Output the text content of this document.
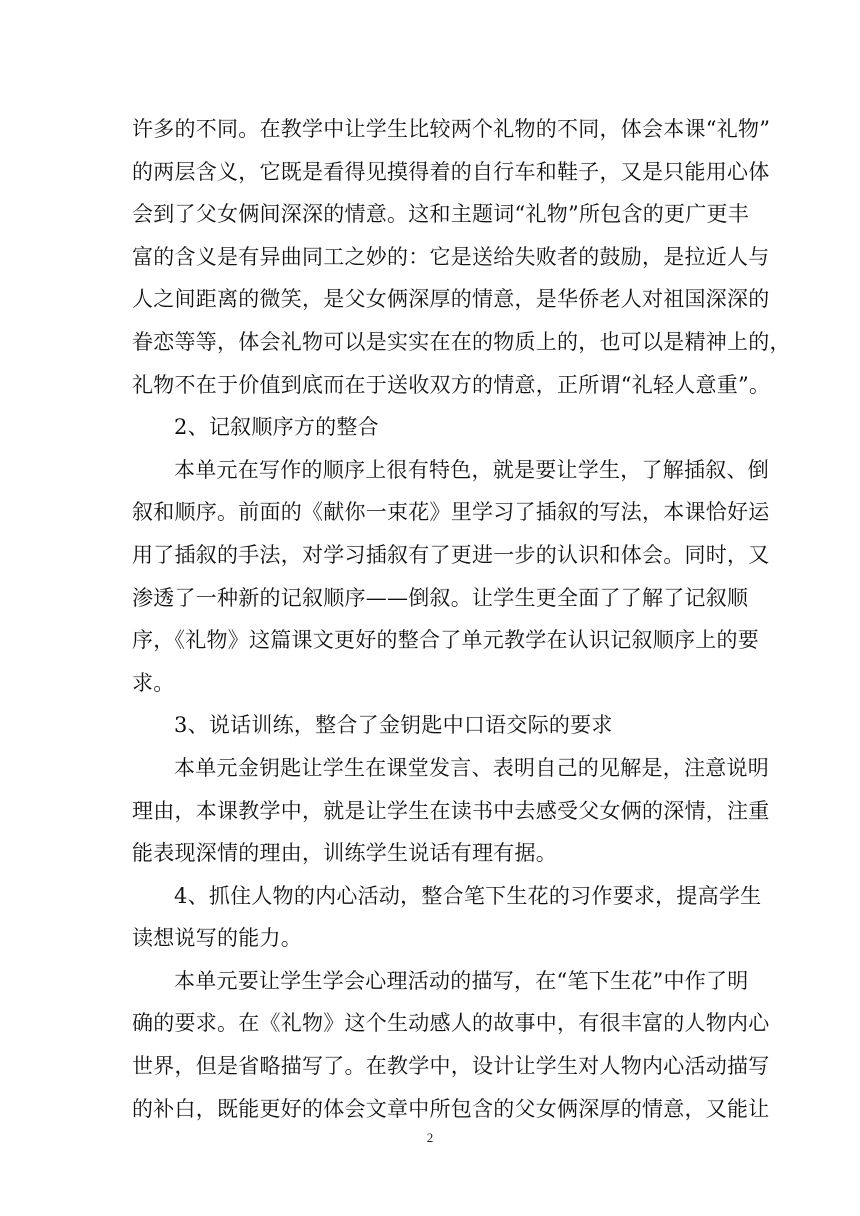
许多的不同。在教学中让学生比较两个礼物的不同，体会本课“礼物”
的两层含义，它既是看得见摸得着的自行车和鞋子，又是只能用心体
会到了父女俩间深深的情意。这和主题词“礼物”所包含的更广更丰
富的含义是有异曲同工之妙的：它是送给失败者的鼓励，是拉近人与
人之间距离的微笑，是父女俩深厚的情意，是华侨老人对祖国深深的
眷恋等等，体会礼物可以是实实在在的物质上的，也可以是精神上的，
礼物不在于价值到底而在于送收双方的情意，正所谓“礼轻人意重”。
2、记叙顺序方的整合
本单元在写作的顺序上很有特色，就是要让学生，了解插叙、倒
叙和顺序。前面的《献你一束花》里学习了插叙的写法，本课恰好运
用了插叙的手法，对学习插叙有了更进一步的认识和体会。同时，又
渗透了一种新的记叙顺序——倒叙。让学生更全面了了解了记叙顺
序，《礼物》这篇课文更好的整合了单元教学在认识记叙顺序上的要
求。
3、说话训练，整合了金钥匙中口语交际的要求
本单元金钥匙让学生在课堂发言、表明自己的见解是，注意说明
理由，本课教学中，就是让学生在读书中去感受父女俩的深情，注重
能表现深情的理由，训练学生说话有理有据。
4、抓住人物的内心活动，整合笔下生花的习作要求，提高学生
读想说写的能力。
本单元要让学生学会心理活动的描写，在“笔下生花”中作了明
确的要求。在《礼物》这个生动感人的故事中，有很丰富的人物内心
世界，但是省略描写了。在教学中，设计让学生对人物内心活动描写
的补白，既能更好的体会文章中所包含的父女俩深厚的情意，又能让
2
